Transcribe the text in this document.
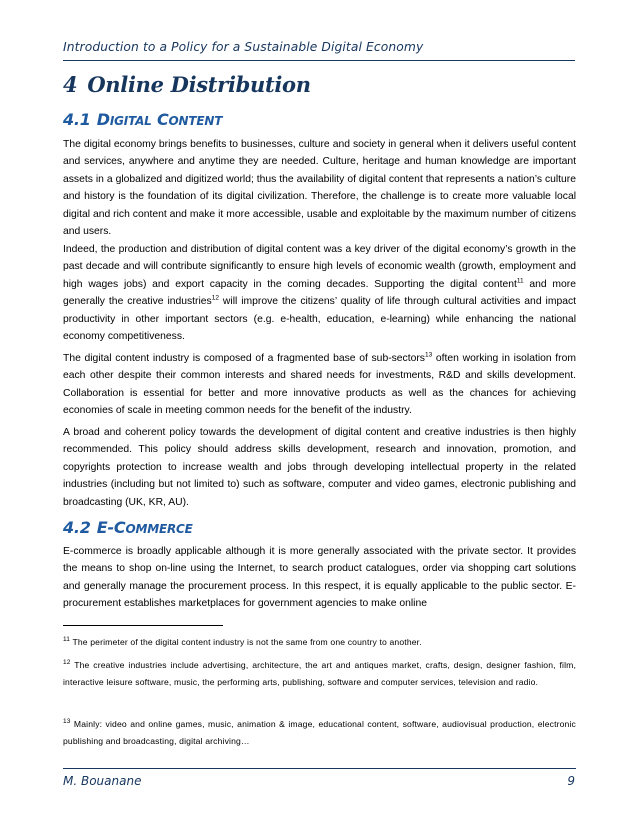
Introduction to a Policy for a Sustainable Digital Economy
4 Online Distribution
4.1 DIGITAL CONTENT

The digital economy brings benefits to businesses, culture and society in general when it delivers useful content and services, anywhere and anytime they are needed. Culture, heritage and human knowledge are important assets in a globalized and digitized world; thus the availability of digital content that represents a nation’s culture and history is the foundation of its digital civilization. Therefore, the challenge is to create more valuable local digital and rich content and make it more accessible, usable and exploitable by the maximum number of citizens and users.

Indeed, the production and distribution of digital content was a key driver of the digital economy’s growth in the past decade and will contribute significantly to ensure high levels of economic wealth (growth, employment and high wages jobs) and export capacity in the coming decades. Supporting the digital content$^{11}$ and more generally the creative industries$^{12}$ will improve the citizens’ quality of life through cultural activities and impact productivity in other important sectors (e.g. e-health, education, e-learning) while enhancing the national economy competitiveness.

The digital content industry is composed of a fragmented base of sub-sectors$^{13}$ often working in isolation from each other despite their common interests and shared needs for investments, R&D and skills development. Collaboration is essential for better and more innovative products as well as the chances for achieving economies of scale in meeting common needs for the benefit of the industry.

A broad and coherent policy towards the development of digital content and creative industries is then highly recommended. This policy should address skills development, research and innovation, promotion, and copyrights protection to increase wealth and jobs through developing intellectual property in the related industries (including but not limited to) such as software, computer and video games, electronic publishing and broadcasting (UK, KR, AU).

4.2 E-COMMERCE

E-commerce is broadly applicable although it is more generally associated with the private sector. It provides the means to shop on-line using the Internet, to search product catalogues, order via shopping cart solutions and generally manage the procurement process. In this respect, it is equally applicable to the public sector. E-procurement establishes marketplaces for government agencies to make online

$^{11}$ The perimeter of the digital content industry is not the same from one country to another.

$^{12}$ The creative industries include advertising, architecture, the art and antiques market, crafts, design, designer fashion, film, interactive leisure software, music, the performing arts, publishing, software and computer services, television and radio.

$^{13}$ Mainly: video and online games, music, animation & image, educational content, software, audiovisual production, electronic publishing and broadcasting, digital archiving…

M. Bouanane	9
